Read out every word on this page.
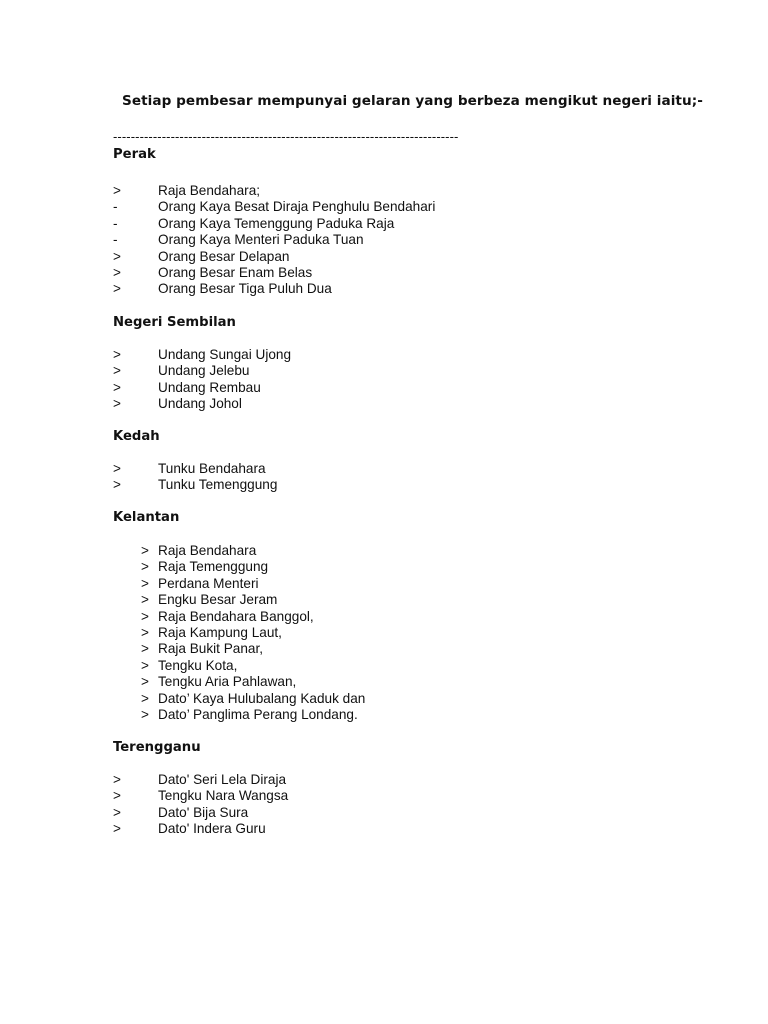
Setiap pembesar mempunyai gelaran yang berbeza mengikut negeri iaitu;-
------------------------------------------------------------------------------
Perak
>	Raja Bendahara;
-	Orang Kaya Besat Diraja Penghulu Bendahari
-	Orang Kaya Temenggung Paduka Raja
-	Orang Kaya Menteri Paduka Tuan
>	Orang Besar Delapan
>	Orang Besar Enam Belas
>	Orang Besar Tiga Puluh Dua
Negeri Sembilan
>	Undang Sungai Ujong
>	Undang Jelebu
>	Undang Rembau
>	Undang Johol
Kedah
>	Tunku Bendahara
>	Tunku Temenggung
Kelantan
> Raja Bendahara
> Raja Temenggung
> Perdana Menteri
> Engku Besar Jeram
> Raja Bendahara Banggol,
> Raja Kampung Laut,
> Raja Bukit Panar,
> Tengku Kota,
> Tengku Aria Pahlawan,
> Dato’ Kaya Hulubalang Kaduk dan
> Dato’ Panglima Perang Londang.
Terengganu
>	Dato' Seri Lela Diraja
>	Tengku Nara Wangsa
>	Dato' Bija Sura
>	Dato' Indera Guru
